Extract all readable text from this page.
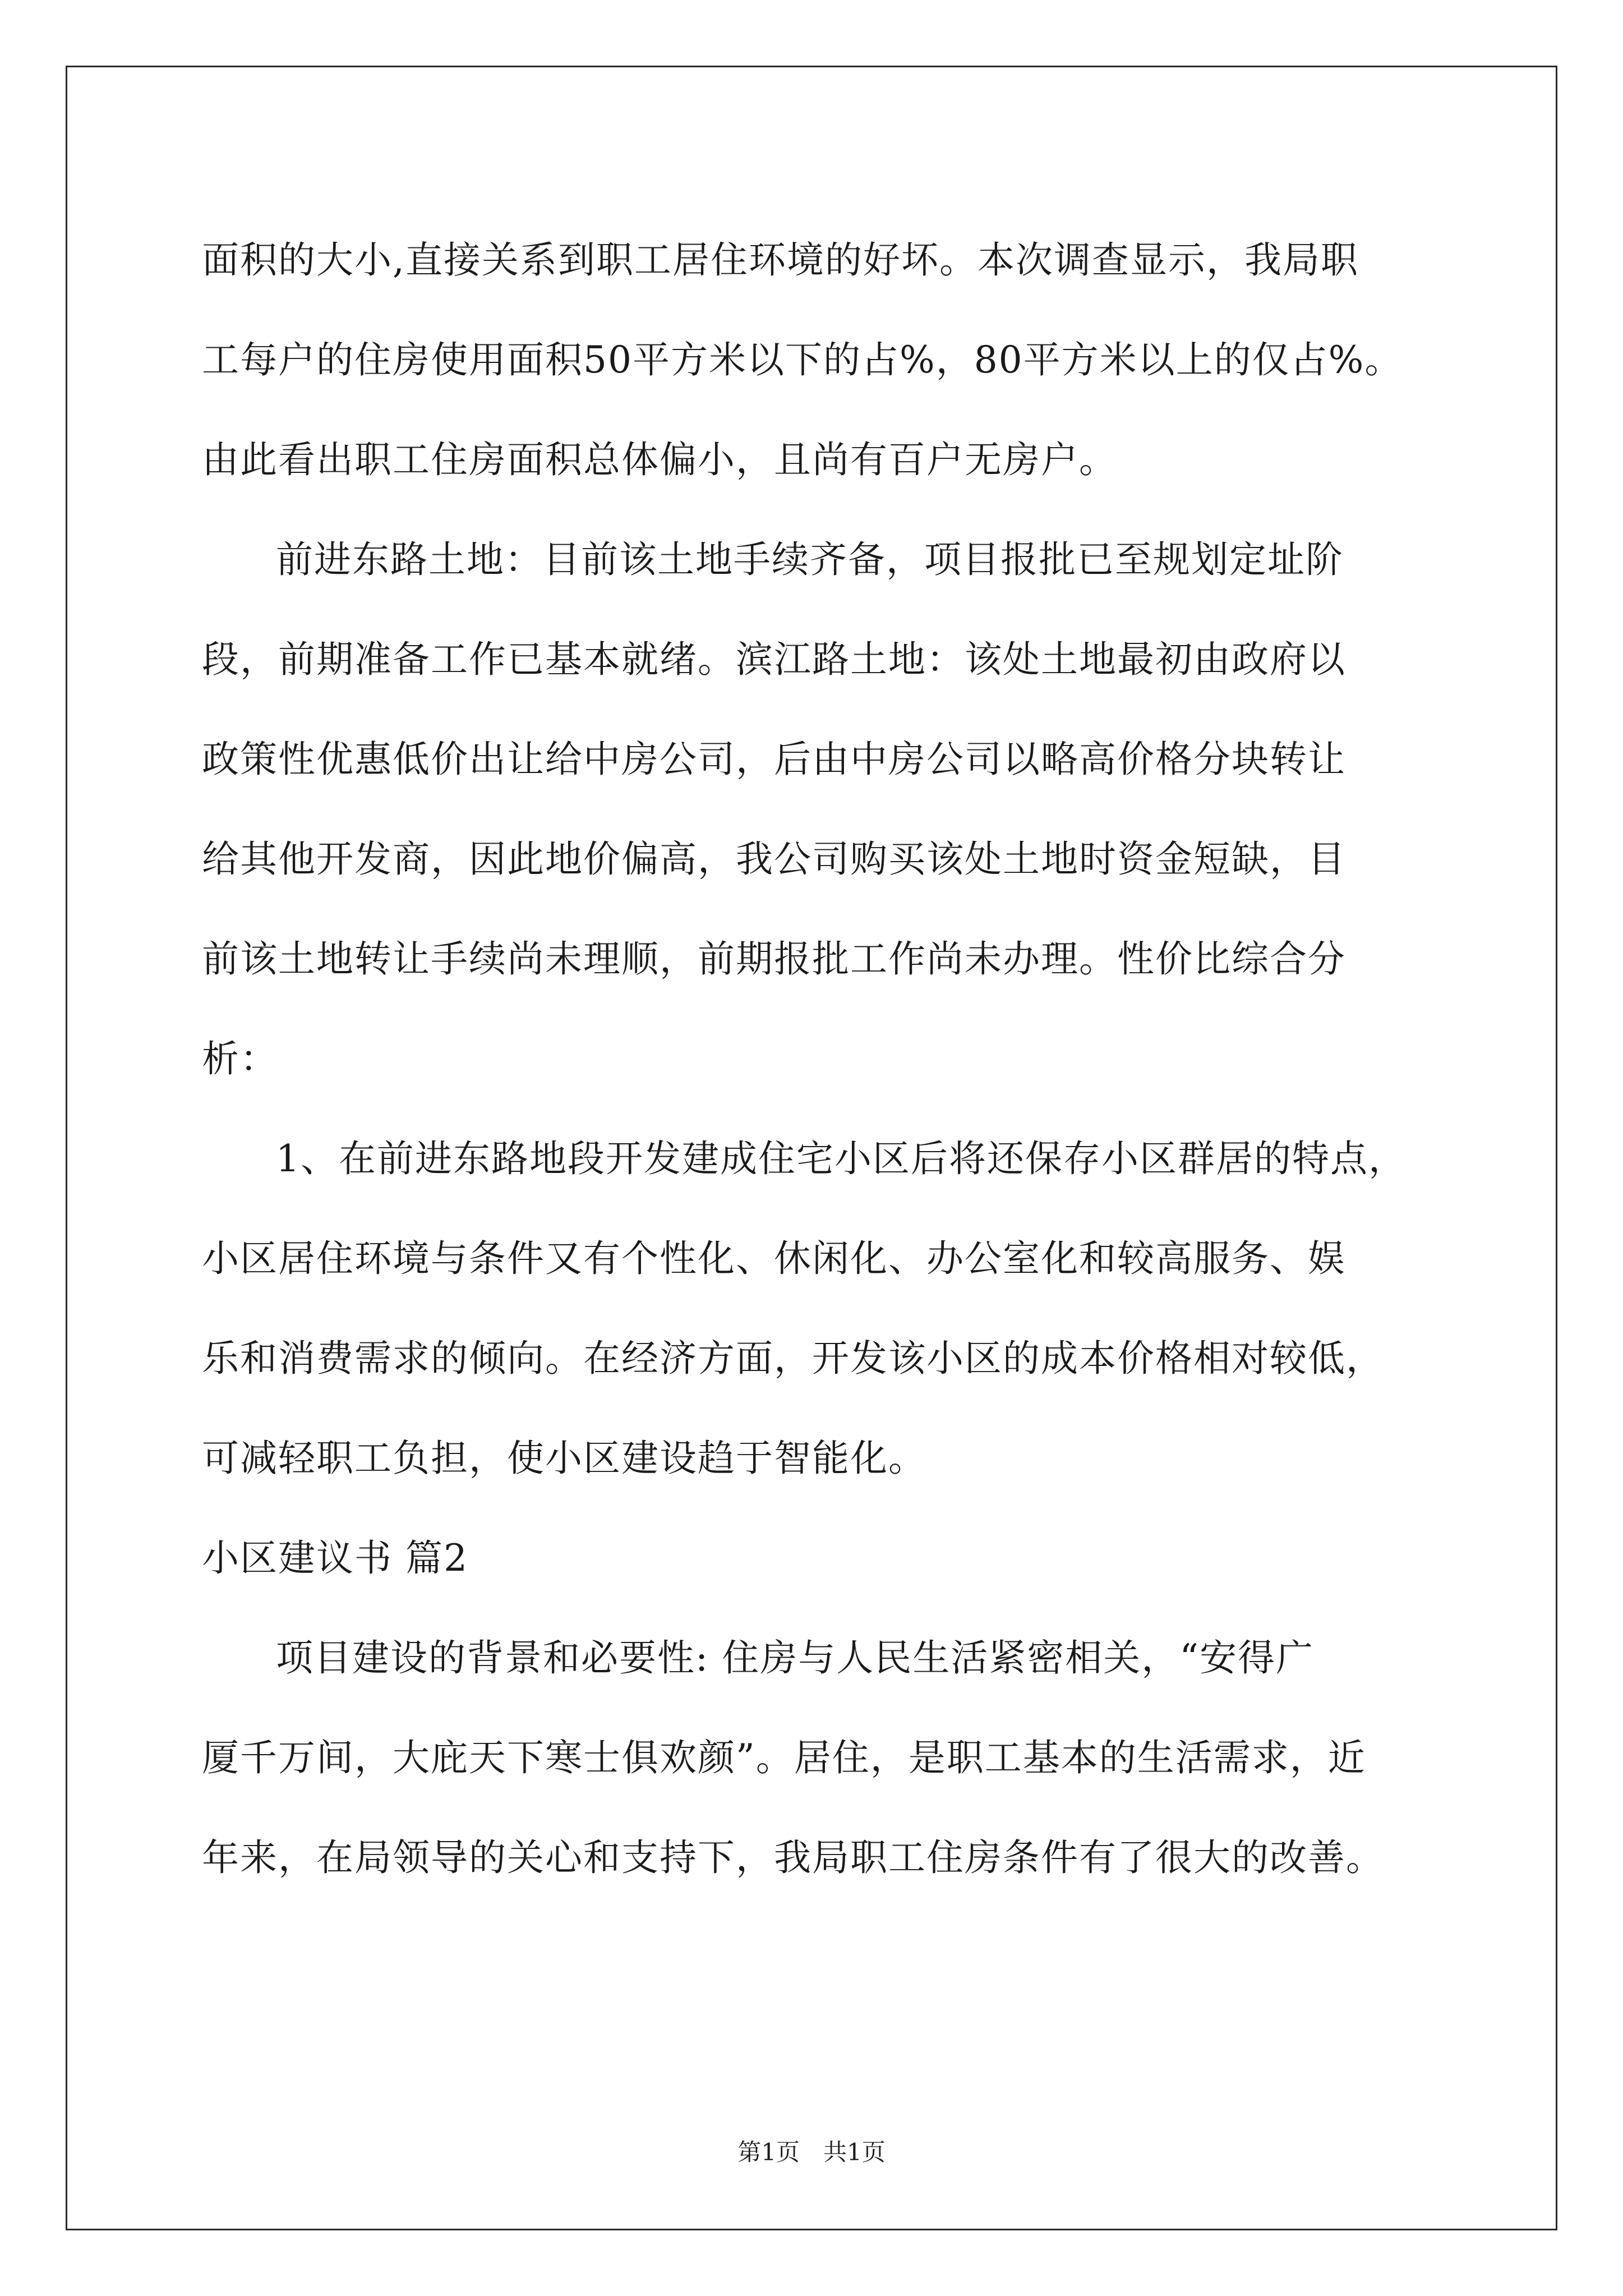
面积的大小,直接关系到职工居住环境的好坏。本次调查显示，我局职
工每户的住房使用面积50平方米以下的占%，80平方米以上的仅占%。
由此看出职工住房面积总体偏小，且尚有百户无房户。
前进东路土地：目前该土地手续齐备，项目报批已至规划定址阶
段，前期准备工作已基本就绪。滨江路土地：该处土地最初由政府以
政策性优惠低价出让给中房公司，后由中房公司以略高价格分块转让
给其他开发商，因此地价偏高，我公司购买该处土地时资金短缺，目
前该土地转让手续尚未理顺，前期报批工作尚未办理。性价比综合分
析：
1、在前进东路地段开发建成住宅小区后将还保存小区群居的特点，
小区居住环境与条件又有个性化、休闲化、办公室化和较高服务、娱
乐和消费需求的倾向。在经济方面，开发该小区的成本价格相对较低，
可减轻职工负担，使小区建设趋于智能化。
小区建议书 篇2
项目建设的背景和必要性: 住房与人民生活紧密相关，“安得广
厦千万间，大庇天下寒士俱欢颜”。居住，是职工基本的生活需求，近
年来，在局领导的关心和支持下，我局职工住房条件有了很大的改善。
第1页 共1页
